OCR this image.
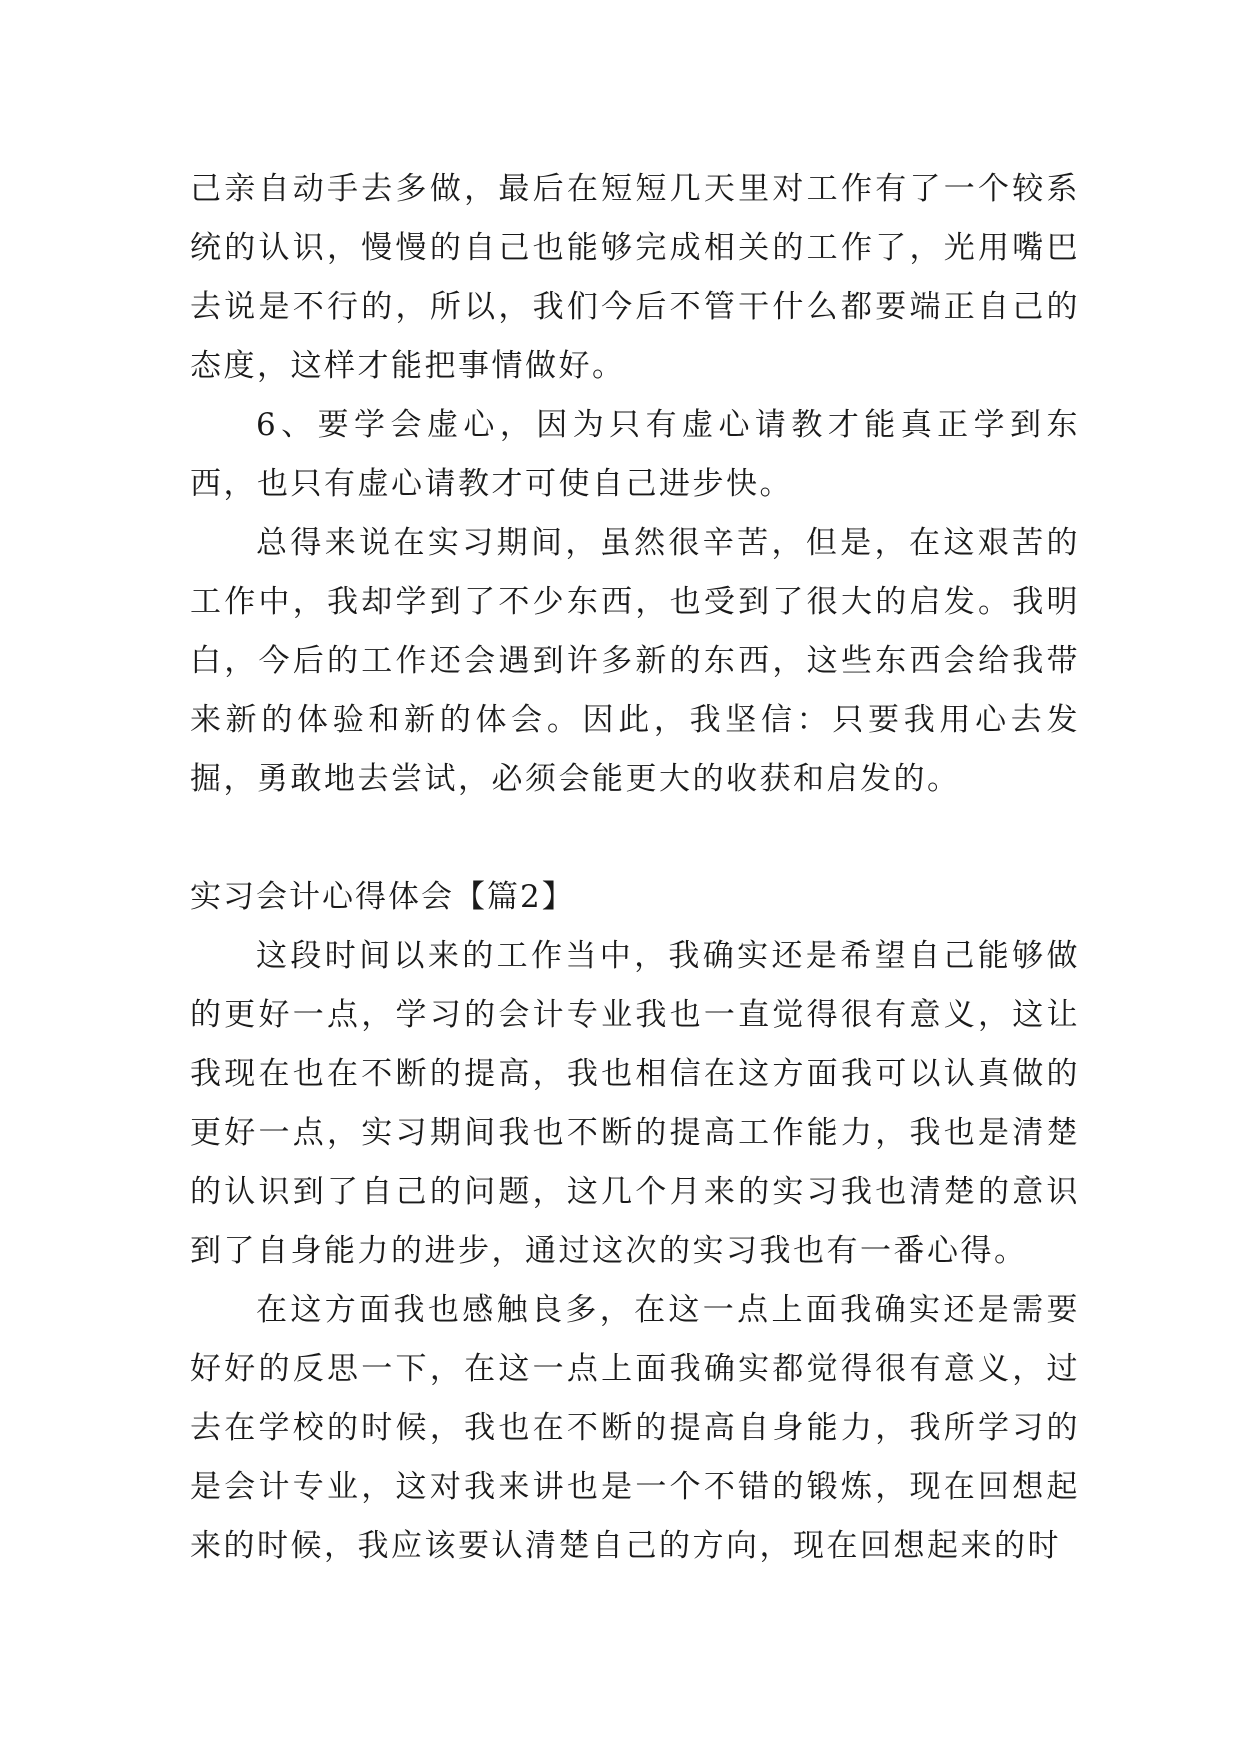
己亲自动手去多做，最后在短短几天里对工作有了一个较系统的认识，慢慢的自己也能够完成相关的工作了，光用嘴巴去说是不行的，所以，我们今后不管干什么都要端正自己的态度，这样才能把事情做好。

6、要学会虚心，因为只有虚心请教才能真正学到东西，也只有虚心请教才可使自己进步快。

总得来说在实习期间，虽然很辛苦，但是，在这艰苦的工作中，我却学到了不少东西，也受到了很大的启发。我明白，今后的工作还会遇到许多新的东西，这些东西会给我带来新的体验和新的体会。因此，我坚信：只要我用心去发掘，勇敢地去尝试，必须会能更大的收获和启发的。

实习会计心得体会【篇2】

这段时间以来的工作当中，我确实还是希望自己能够做的更好一点，学习的会计专业我也一直觉得很有意义，这让我现在也在不断的提高，我也相信在这方面我可以认真做的更好一点，实习期间我也不断的提高工作能力，我也是清楚的认识到了自己的问题，这几个月来的实习我也清楚的意识到了自身能力的进步，通过这次的实习我也有一番心得。

在这方面我也感触良多，在这一点上面我确实还是需要好好的反思一下，在这一点上面我确实都觉得很有意义，过去在学校的时候，我也在不断的提高自身能力，我所学习的是会计专业，这对我来讲也是一个不错的锻炼，现在回想起来的时候，我应该要认清楚自己的方向，现在回想起来的时
